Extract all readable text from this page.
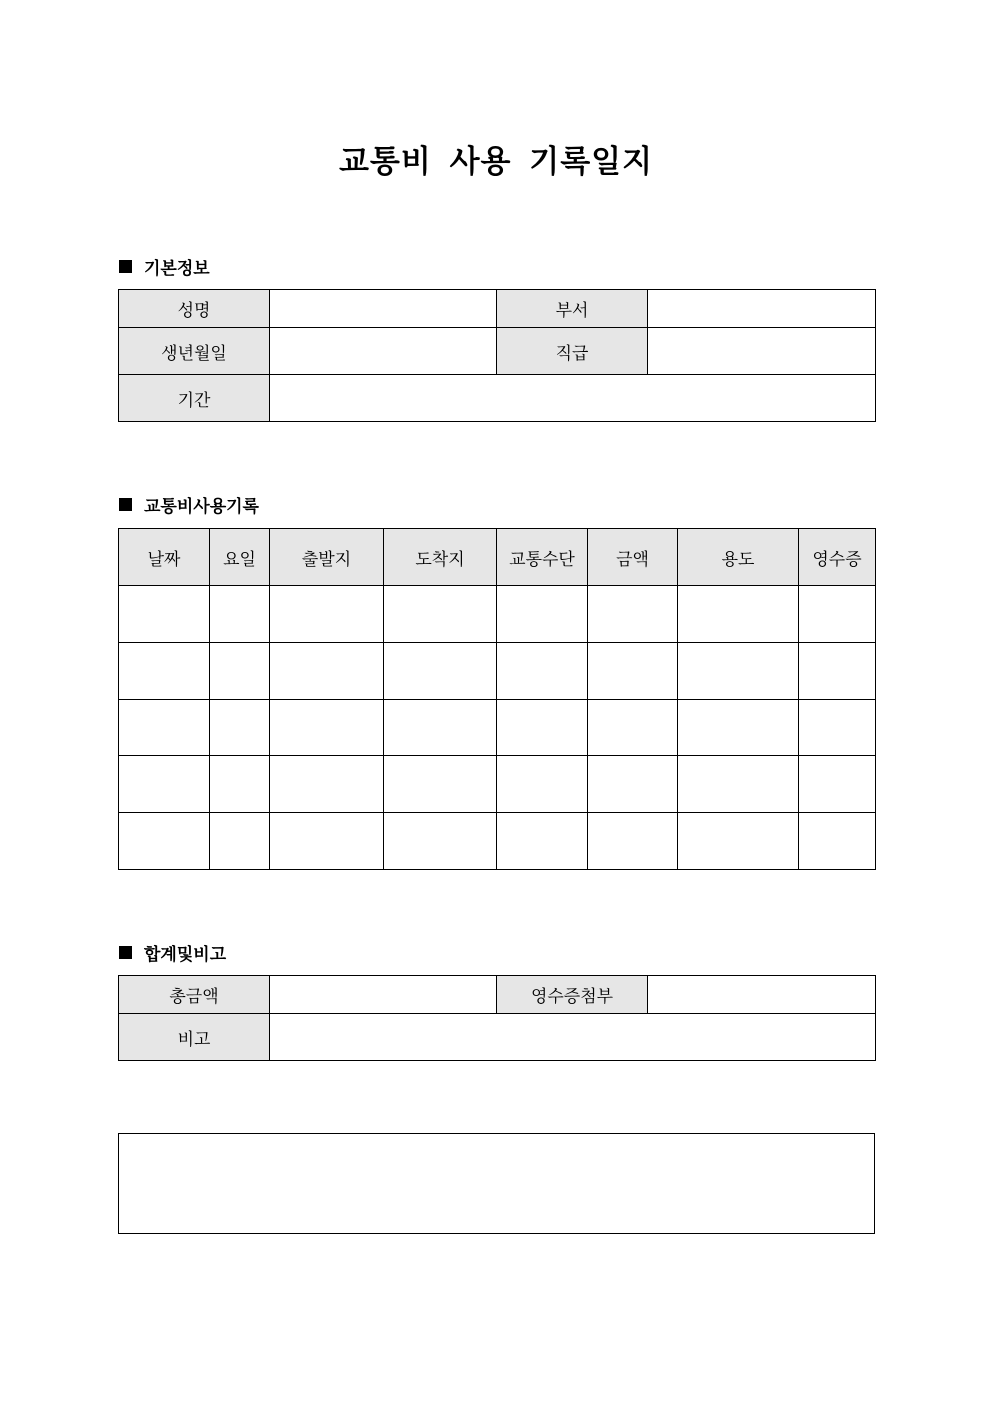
교통비 사용 기록일지
기본정보
성명		부서	
생년월일		직급	
기간			
교통비사용기록
날짜	요일	출발지	도착지	교통수단	금액	용도	영수증

합계및비고
총금액		영수증첨부	
비고			
